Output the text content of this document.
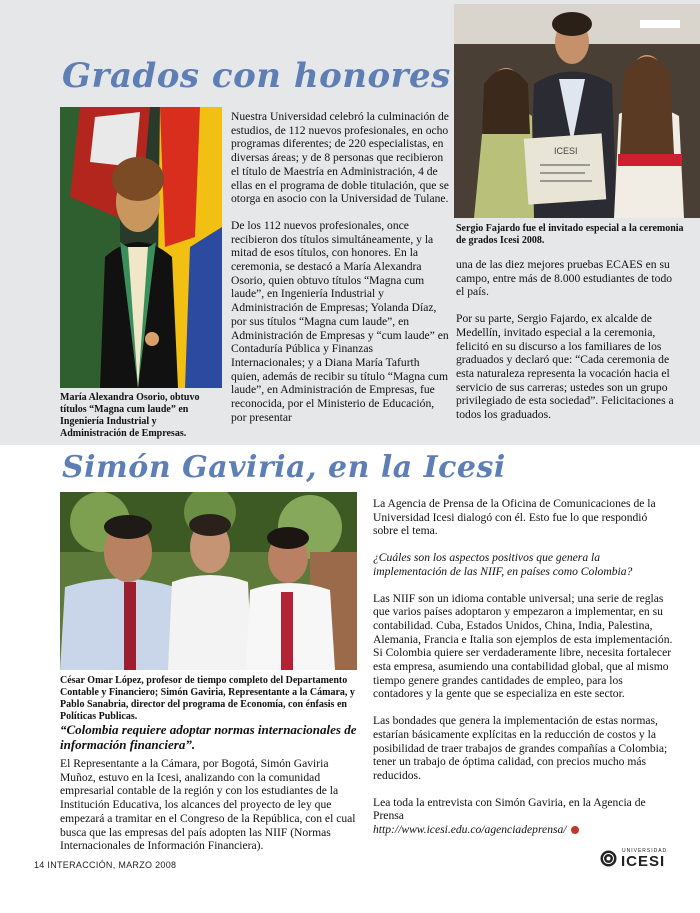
Grados con honores
María Alexandra Osorio, obtuvo títulos “Magna cum laude” en Ingeniería Industrial y Administración de Empresas.

Nuestra Universidad celebró la culminación de estudios, de 112 nuevos profesionales, en ocho programas diferentes; de 220 especialistas, en diversas áreas; y de 8 personas que recibieron el título de Maestría en Administración, 4 de ellas en el programa de doble titulación, que se otorga en asocio con la Universidad de Tulane.

De los 112 nuevos profesionales, once recibieron dos títulos simultáneamente, y la mitad de esos títulos, con honores. En la ceremonia, se destacó a María Alexandra Osorio, quien obtuvo títulos “Magna cum laude”, en Ingeniería Industrial y Administración de Empresas; Yolanda Díaz, por sus títulos “Magna cum laude”, en Administración de Empresas y “cum laude” en Contaduría Pública y Finanzas Internacionales; y a Diana María Tafurth quien, además de recibir su título “Magna cum laude”, en Administración de Empresas, fue reconocida, por el Ministerio de Educación, por presentar

ICESI
Sergio Fajardo fue el invitado especial a la ceremonia de grados Icesi 2008.

una de las diez mejores pruebas ECAES en su campo, entre más de 8.000 estudiantes de todo el país.

Por su parte, Sergio Fajardo, ex alcalde de Medellín, invitado especial a la ceremonia, felicitó en su discurso a los familiares de los graduados y declaró que: “Cada ceremonia de esta naturaleza representa la vocación hacia el servicio de sus carreras; ustedes son un grupo privilegiado de esta sociedad”. Felicitaciones a todos los graduados.

Simón Gaviria, en la Icesi
César Omar López, profesor de tiempo completo del Departamento Contable y Financiero; Simón Gaviria, Representante a la Cámara, y Pablo Sanabria, director del programa de Economía, con énfasis en Políticas Publicas.
“Colombia requiere adoptar normas internacionales de información financiera”.

El Representante a la Cámara, por Bogotá, Simón Gaviria Muñoz, estuvo en la Icesi, analizando con la comunidad empresarial contable de la región y con los estudiantes de la Institución Educativa, los alcances del proyecto de ley que empezará a tramitar en el Congreso de la República, con el cual busca que las empresas del país adopten las NIIF (Normas Internacionales de Información Financiera).

La Agencia de Prensa de la Oficina de Comunicaciones de la Universidad Icesi dialogó con él. Esto fue lo que respondió sobre el tema.

¿Cuáles son los aspectos positivos que genera la implementación de las NIIF, en países como Colombia?

Las NIIF son un idioma contable universal; una serie de reglas que varios países adoptaron y empezaron a implementar, en su contabilidad. Cuba, Estados Unidos, China, India, Palestina, Alemania, Francia e Italia son ejemplos de esta implementación. Si Colombia quiere ser verdaderamente libre, necesita fortalecer esta empresa, asumiendo una contabilidad global, que al mismo tiempo genere grandes cantidades de empleo, para los contadores y la gente que se especializa en este sector.

Las bondades que genera la implementación de estas normas, estarían básicamente explícitas en la reducción de costos y la posibilidad de traer trabajos de grandes compañías a Colombia; tener un trabajo de óptima calidad, con precios mucho más reducidos.

Lea toda la entrevista con Simón Gaviria, en la Agencia de Prensa
http://www.icesi.edu.co/agenciadeprensa/

14 INTERACCIÓN, MARZO 2008
UNIVERSIDAD
ICESI
